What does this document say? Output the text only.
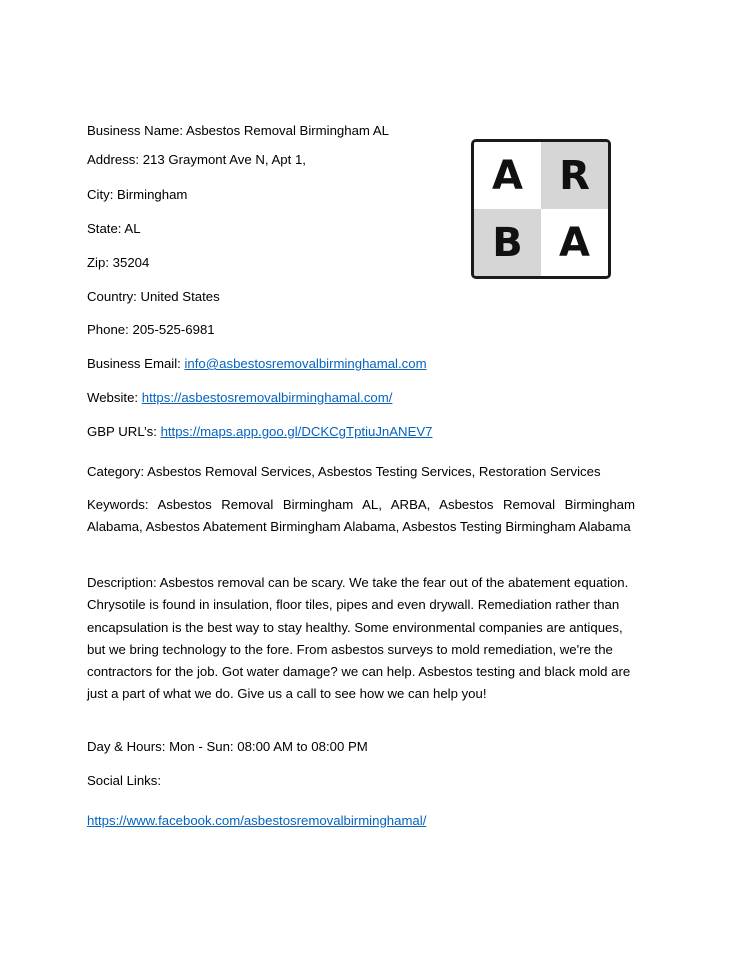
Business Name: Asbestos Removal Birmingham AL
Address: 213 Graymont Ave N, Apt 1,
City: Birmingham
State: AL
Zip: 35204
Country: United States
Phone: 205-525-6981
Business Email: info@asbestosremovalbirminghamal.com
Website: https://asbestosremovalbirminghamal.com/
GBP URL’s: https://maps.app.goo.gl/DCKCgTptiuJnANEV7
Category: Asbestos Removal Services, Asbestos Testing Services, Restoration Services
Keywords: Asbestos Removal Birmingham AL, ARBA, Asbestos Removal Birmingham Alabama, Asbestos Abatement Birmingham Alabama, Asbestos Testing Birmingham Alabama
Description: Asbestos removal can be scary. We take the fear out of the abatement equation. Chrysotile is found in insulation, floor tiles, pipes and even drywall. Remediation rather than encapsulation is the best way to stay healthy. Some environmental companies are antiques, but we bring technology to the fore. From asbestos surveys to mold remediation, we're the contractors for the job. Got water damage? we can help. Asbestos testing and black mold are just a part of what we do. Give us a call to see how we can help you!
Day & Hours: Mon - Sun: 08:00 AM to 08:00 PM
Social Links:
https://www.facebook.com/asbestosremovalbirminghamal/
A R
B A
